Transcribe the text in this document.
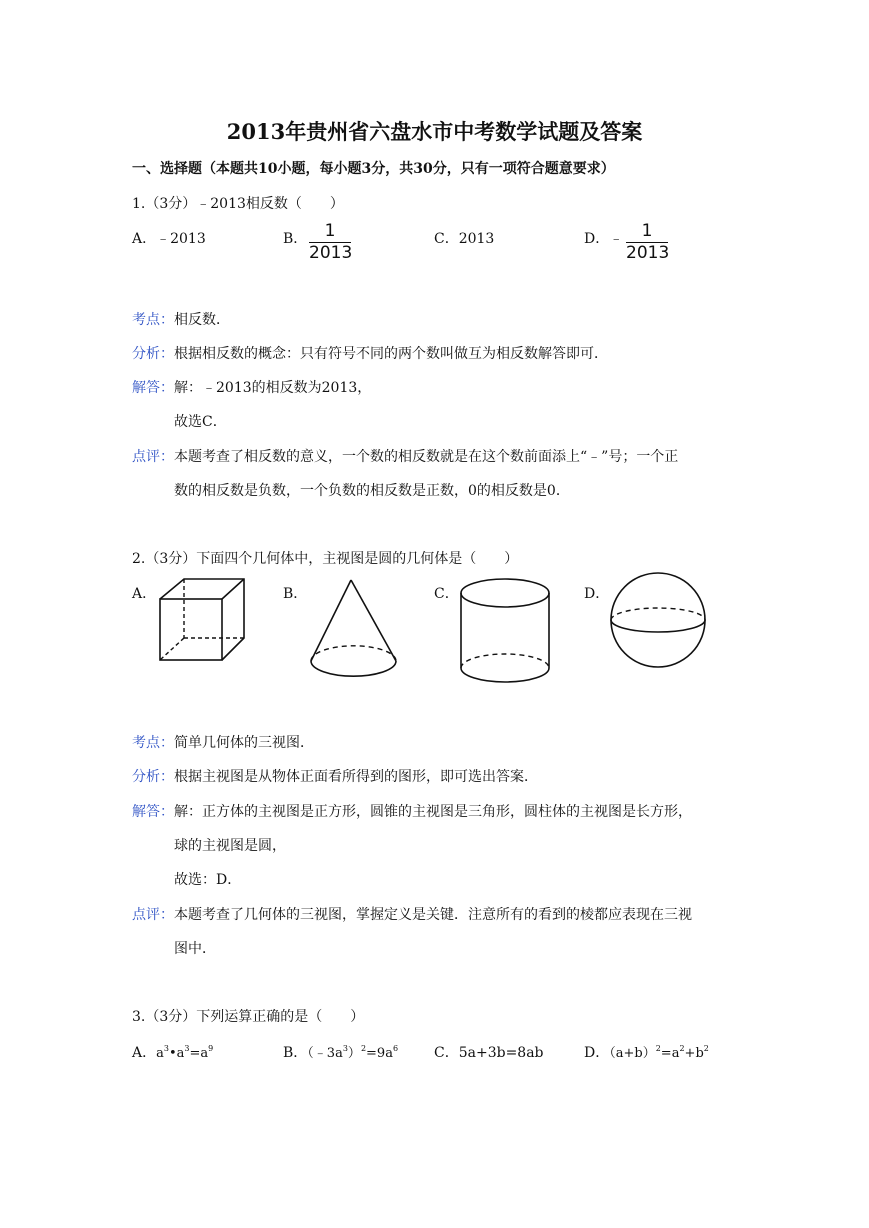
2013年贵州省六盘水市中考数学试题及答案
一、选择题（本题共10小题，每小题3分，共30分，只有一项符合题意要求）
1.（3分）﹣2013相反数（　　）
A．﹣2013	B． $\frac{1}{2013}$	C．2013	D．﹣ $\frac{1}{2013}$
考点：相反数．
分析：根据相反数的概念：只有符号不同的两个数叫做互为相反数解答即可．
解答：解：﹣2013的相反数为2013，
故选C．
点评：本题考查了相反数的意义，一个数的相反数就是在这个数前面添上“﹣”号；一个正
数的相反数是负数，一个负数的相反数是正数，0的相反数是0．
2.（3分）下面四个几何体中，主视图是圆的几何体是（　　）
A．	B．	C．	D．
考点：简单几何体的三视图．
分析：根据主视图是从物体正面看所得到的图形，即可选出答案．
解答：解：正方体的主视图是正方形，圆锥的主视图是三角形，圆柱体的主视图是长方形，
球的主视图是圆，
故选：D．
点评：本题考查了几何体的三视图，掌握定义是关键．注意所有的看到的棱都应表现在三视
图中．
3.（3分）下列运算正确的是（　　）
A．$a^3•a^3=a^9$	B．$(﹣3a^3)^2=9a^6$	C．5a+3b=8ab	D．$(a+b)^2=a^2+b^2$
